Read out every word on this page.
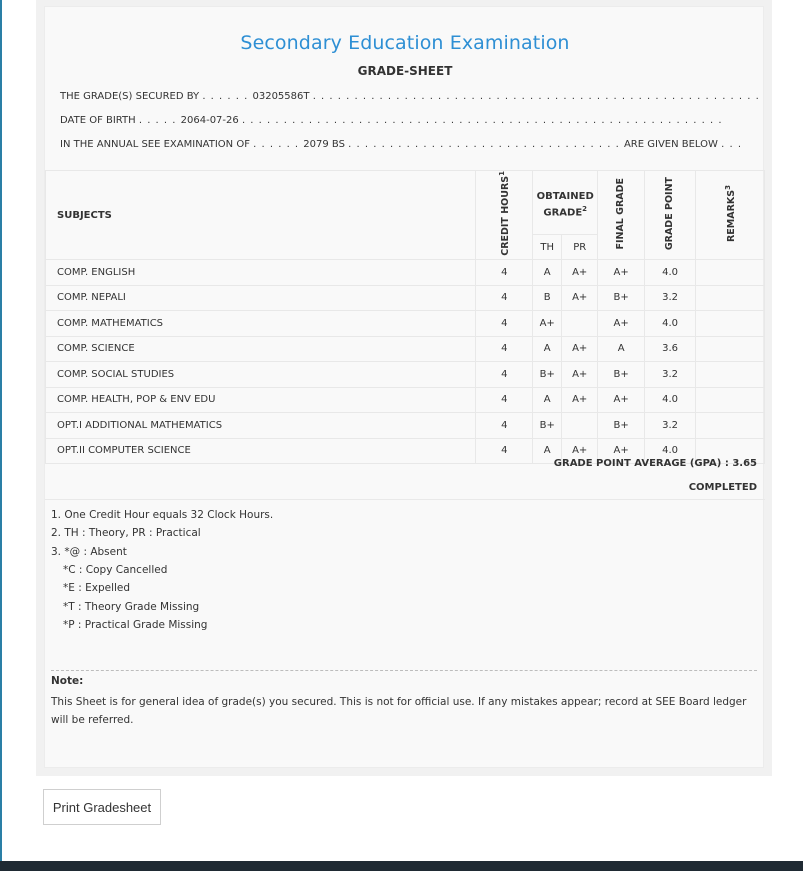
Secondary Education Examination
GRADE-SHEET
THE GRADE(S) SECURED BY . . . . . . 03205586T . . . . . . . . . . . . . . . . . . . . . . . . . . . . . . . . . . . . . . . . . . . . . . . . . . . . . .
DATE OF BIRTH . . . . . 2064-07-26 . . . . . . . . . . . . . . . . . . . . . . . . . . . . . . . . . . . . . . . . . . . . . . . . . . . . . . . . . .
IN THE ANNUAL SEE EXAMINATION OF . . . . . . 2079 BS . . . . . . . . . . . . . . . . . . . . . . . . . . . . . . . . . ARE GIVEN BELOW . . .
SUBJECTS	CREDIT HOURS$^1$	OBTAINED GRADE$^2$		FINAL GRADE	GRADE POINT	REMARKS$^3$
		TH	PR			
COMP. ENGLISH	4	A	A+	A+	4.0	
COMP. NEPALI	4	B	A+	B+	3.2	
COMP. MATHEMATICS	4	A+		A+	4.0	
COMP. SCIENCE	4	A	A+	A	3.6	
COMP. SOCIAL STUDIES	4	B+	A+	B+	3.2	
COMP. HEALTH, POP & ENV EDU	4	A	A+	A+	4.0	
OPT.I ADDITIONAL MATHEMATICS	4	B+		B+	3.2	
OPT.II COMPUTER SCIENCE	4	A	A+	A+	4.0	
GRADE POINT AVERAGE (GPA) : 3.65
COMPLETED
1. One Credit Hour equals 32 Clock Hours.
2. TH : Theory, PR : Practical
3. *@ : Absent
*C : Copy Cancelled
*E : Expelled
*T : Theory Grade Missing
*P : Practical Grade Missing
Note:
This Sheet is for general idea of grade(s) you secured. This is not for official use. If any mistakes appear; record at SEE Board ledger will be referred.
Print Gradesheet
